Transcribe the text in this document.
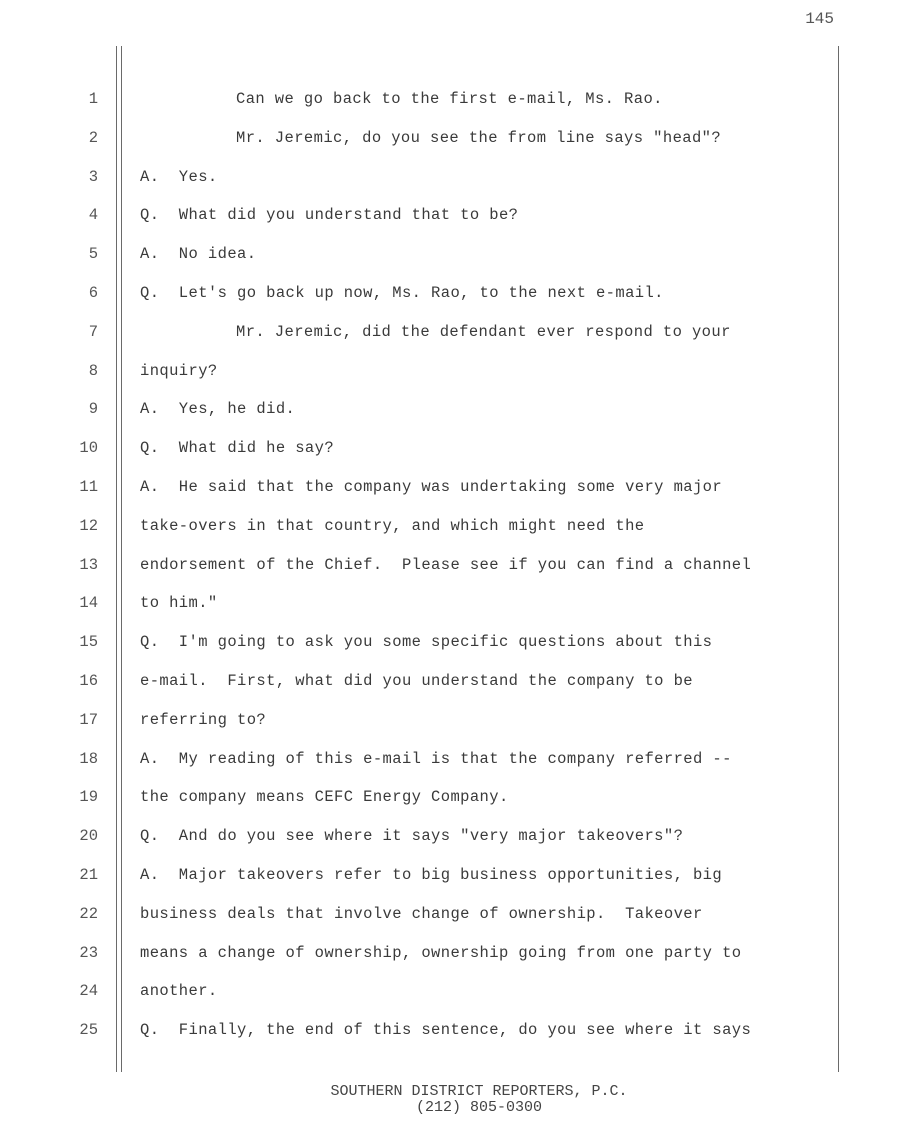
145
1
2
3
4
5
6
7
8
9
10
11
12
13
14
15
16
17
18
19
20
21
22
23
24
25
Can we go back to the first e-mail, Ms. Rao.
Mr. Jeremic, do you see the from line says "head"?
A.  Yes.
Q.  What did you understand that to be?
A.  No idea.
Q.  Let's go back up now, Ms. Rao, to the next e-mail.
Mr. Jeremic, did the defendant ever respond to your
inquiry?
A.  Yes, he did.
Q.  What did he say?
A.  He said that the company was undertaking some very major
take-overs in that country, and which might need the
endorsement of the Chief.  Please see if you can find a channel
to him."
Q.  I'm going to ask you some specific questions about this
e-mail.  First, what did you understand the company to be
referring to?
A.  My reading of this e-mail is that the company referred --
the company means CEFC Energy Company.
Q.  And do you see where it says "very major takeovers"?
A.  Major takeovers refer to big business opportunities, big
business deals that involve change of ownership.  Takeover
means a change of ownership, ownership going from one party to
another.
Q.  Finally, the end of this sentence, do you see where it says
SOUTHERN DISTRICT REPORTERS, P.C.
(212) 805-0300
